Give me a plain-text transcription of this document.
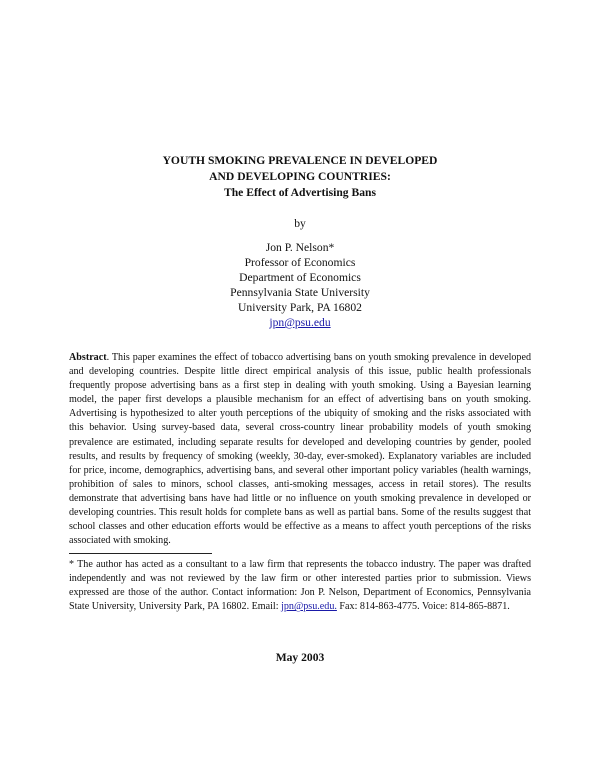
YOUTH SMOKING PREVALENCE IN DEVELOPED
AND DEVELOPING COUNTRIES:
The Effect of Advertising Bans
by
Jon P. Nelson*
Professor of Economics
Department of Economics
Pennsylvania State University
University Park, PA 16802
jpn@psu.edu

Abstract. This paper examines the effect of tobacco advertising bans on youth smoking prevalence in developed and developing countries. Despite little direct empirical analysis of this issue, public health professionals frequently propose advertising bans as a first step in dealing with youth smoking. Using a Bayesian learning model, the paper first develops a plausible mechanism for an effect of advertising bans on youth smoking. Advertising is hypothesized to alter youth perceptions of the ubiquity of smoking and the risks associated with this behavior. Using survey-based data, several cross-country linear probability models of youth smoking prevalence are estimated, including separate results for developed and developing countries by gender, pooled results, and results by frequency of smoking (weekly, 30-day, ever-smoked). Explanatory variables are included for price, income, demographics, advertising bans, and several other important policy variables (health warnings, prohibition of sales to minors, school classes, anti-smoking messages, access in retail stores). The results demonstrate that advertising bans have had little or no influence on youth smoking prevalence in developed or developing countries. This result holds for complete bans as well as partial bans. Some of the results suggest that school classes and other education efforts would be effective as a means to affect youth perceptions of the risks associated with smoking.

* The author has acted as a consultant to a law firm that represents the tobacco industry. The paper was drafted independently and was not reviewed by the law firm or other interested parties prior to submission. Views expressed are those of the author. Contact information: Jon P. Nelson, Department of Economics, Pennsylvania State University, University Park, PA 16802. Email: jpn@psu.edu. Fax: 814-863-4775. Voice: 814-865-8871.

May 2003
